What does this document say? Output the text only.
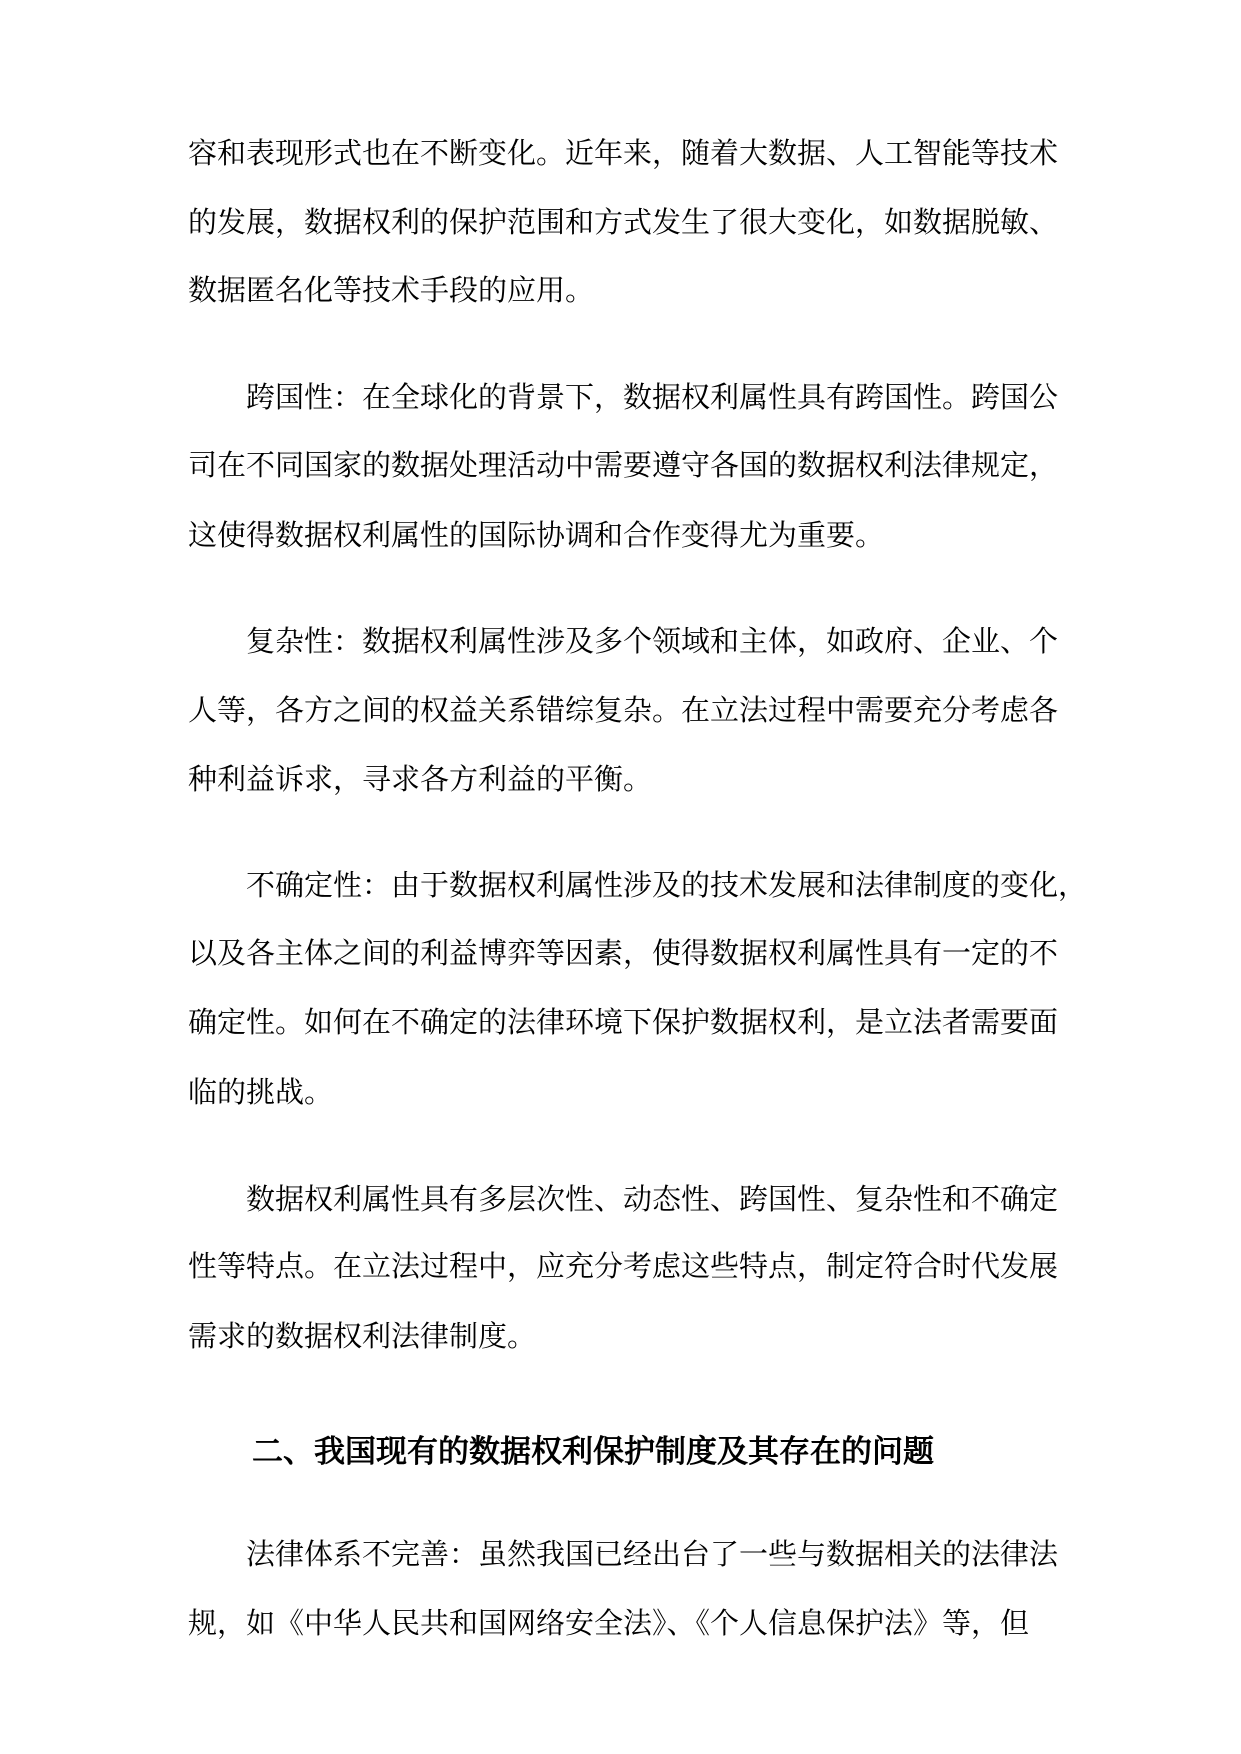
容和表现形式也在不断变化。近年来，随着大数据、人工智能等技术
的发展，数据权利的保护范围和方式发生了很大变化，如数据脱敏、
数据匿名化等技术手段的应用。
跨国性：在全球化的背景下，数据权利属性具有跨国性。跨国公
司在不同国家的数据处理活动中需要遵守各国的数据权利法律规定，
这使得数据权利属性的国际协调和合作变得尤为重要。
复杂性：数据权利属性涉及多个领域和主体，如政府、企业、个
人等，各方之间的权益关系错综复杂。在立法过程中需要充分考虑各
种利益诉求，寻求各方利益的平衡。
不确定性：由于数据权利属性涉及的技术发展和法律制度的变化，
以及各主体之间的利益博弈等因素，使得数据权利属性具有一定的不
确定性。如何在不确定的法律环境下保护数据权利，是立法者需要面
临的挑战。
数据权利属性具有多层次性、动态性、跨国性、复杂性和不确定
性等特点。在立法过程中，应充分考虑这些特点，制定符合时代发展
需求的数据权利法律制度。
二、我国现有的数据权利保护制度及其存在的问题
法律体系不完善：虽然我国已经出台了一些与数据相关的法律法
规，如《中华人民共和国网络安全法》、《个人信息保护法》等，但
